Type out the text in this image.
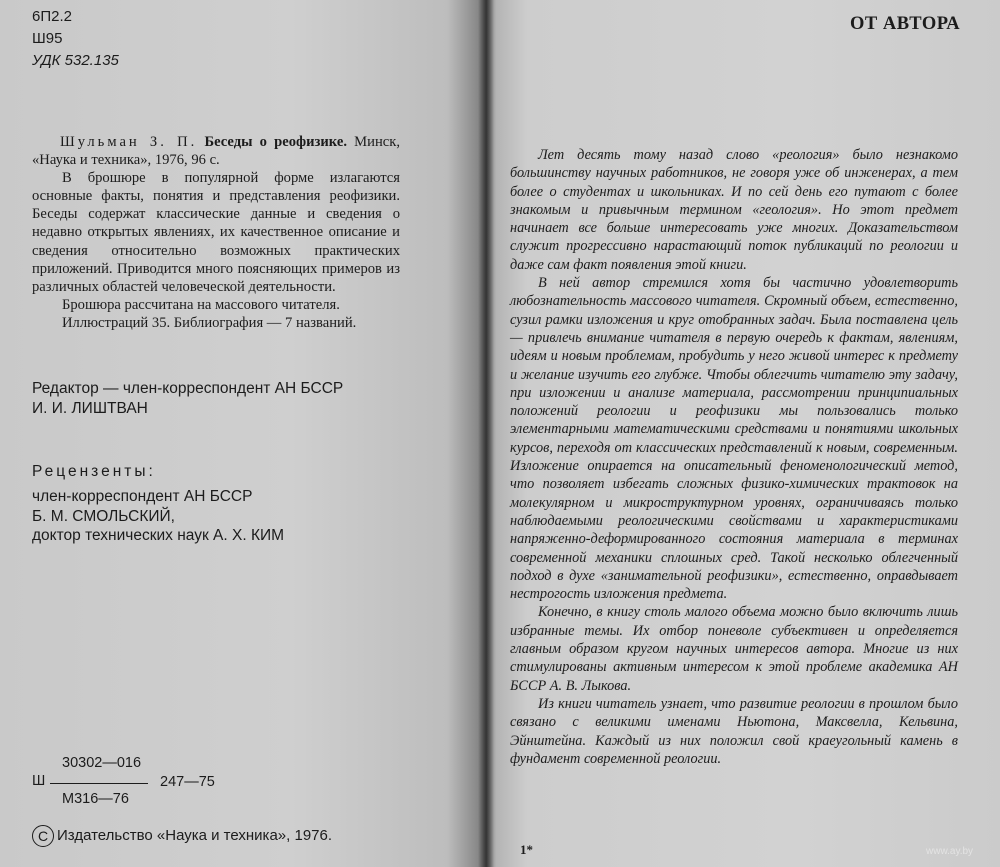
6П2.2
Ш95
УДК 532.135

Шульман З. П. Беседы о реофизике. Минск, «Наука и техника», 1976, 96 с.

В брошюре в популярной форме излагаются основные факты, понятия и представления реофизики. Беседы содержат классические данные и сведения о недавно открытых явлениях, их качественное описание и сведения относительно возможных практических приложений. Приводится много поясняющих примеров из различных областей человеческой деятельности.

Брошюра рассчитана на массового читателя.

Иллюстраций 35. Библиография — 7 названий.

Редактор — член-корреспондент АН БССР
И. И. ЛИШТВАН
Рецензенты:
член-корреспондент АН БССР
Б. М. СМОЛЬСКИЙ,
доктор технических наук А. Х. КИМ
30302—016
Ш	247—75
М316—76
C Издательство «Наука и техника», 1976.
ОТ АВТОРА

Лет десять тому назад слово «реология» было незнакомо большинству научных работников, не говоря уже об инженерах, а тем более о студентах и школьниках. И по сей день его путают с более знакомым и привычным термином «геология». Но этот предмет начинает все больше интересовать уже многих. Доказательством служит прогрессивно нарастающий поток публикаций по реологии и даже сам факт появления этой книги.

В ней автор стремился хотя бы частично удовлетворить любознательность массового читателя. Скромный объем, естественно, сузил рамки изложения и круг отобранных задач. Была поставлена цель — привлечь внимание читателя в первую очередь к фактам, явлениям, идеям и новым проблемам, пробудить у него живой интерес к предмету и желание изучить его глубже. Чтобы облегчить читателю эту задачу, при изложении и анализе материала, рассмотрении принципиальных положений реологии и реофизики мы пользовались только элементарными математическими средствами и понятиями школьных курсов, переходя от классических представлений к новым, современным. Изложение опирается на описательный феноменологический метод, что позволяет избегать сложных физико-химических трактовок на молекулярном и микроструктурном уровнях, ограничиваясь только наблюдаемыми реологическими свойствами и характеристиками напряженно-деформированного состояния материала в терминах современной механики сплошных сред. Такой несколько облегченный подход в духе «занимательной реофизики», естественно, оправдывает нестрогость изложения предмета.

Конечно, в книгу столь малого объема можно было включить лишь избранные темы. Их отбор поневоле субъективен и определяется главным образом кругом научных интересов автора. Многие из них стимулированы активным интересом к этой проблеме академика АН БССР А. В. Лыкова.

Из книги читатель узнает, что развитие реологии в прошлом было связано с великими именами Ньютона, Максвелла, Кельвина, Эйнштейна. Каждый из них положил свой краеугольный камень в фундамент современной реологии.

1*	www.ay.by
